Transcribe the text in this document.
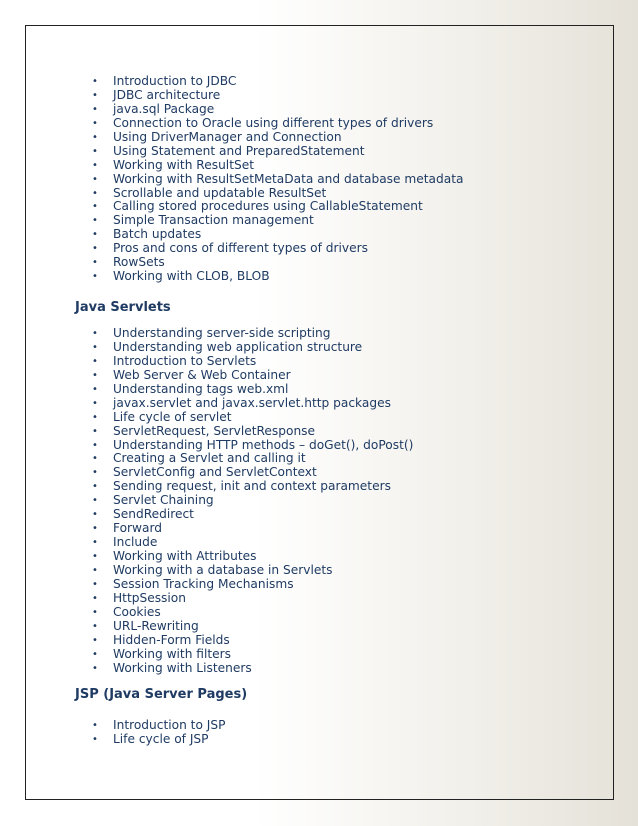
• Introduction to JDBC
• JDBC architecture
• java.sql Package
• Connection to Oracle using different types of drivers
• Using DriverManager and Connection
• Using Statement and PreparedStatement
• Working with ResultSet
• Working with ResultSetMetaData and database metadata
• Scrollable and updatable ResultSet
• Calling stored procedures using CallableStatement
• Simple Transaction management
• Batch updates
• Pros and cons of different types of drivers
• RowSets
• Working with CLOB, BLOB
Java Servlets
• Understanding server-side scripting
• Understanding web application structure
• Introduction to Servlets
• Web Server & Web Container
• Understanding tags web.xml
• javax.servlet and javax.servlet.http packages
• Life cycle of servlet
• ServletRequest, ServletResponse
• Understanding HTTP methods – doGet(), doPost()
• Creating a Servlet and calling it
• ServletConfig and ServletContext
• Sending request, init and context parameters
• Servlet Chaining
• SendRedirect
• Forward
• Include
• Working with Attributes
• Working with a database in Servlets
• Session Tracking Mechanisms
• HttpSession
• Cookies
• URL-Rewriting
• Hidden-Form Fields
• Working with filters
• Working with Listeners
JSP (Java Server Pages)
• Introduction to JSP
• Life cycle of JSP
